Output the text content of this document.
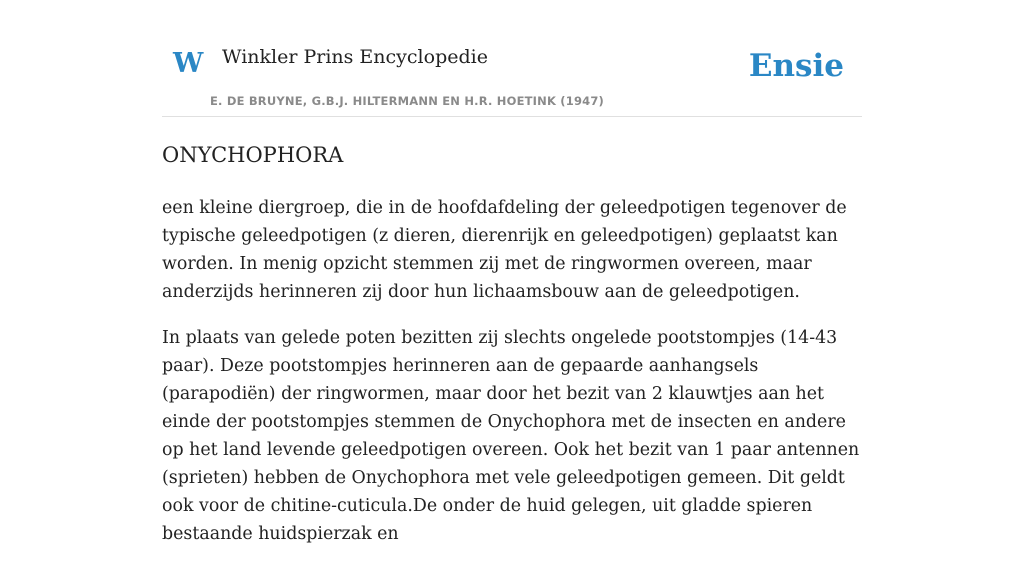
W Winkler Prins Encyclopedie
E. DE BRUYNE, G.B.J. HILTERMANN EN H.R. HOETINK (1947)
Ensie
ONYCHOPHORA

een kleine diergroep, die in de hoofdafdeling der geleedpotigen tegenover de typische geleedpotigen (z dieren, dierenrijk en geleedpotigen) geplaatst kan worden. In menig opzicht stemmen zij met de ringwormen overeen, maar anderzijds herinneren zij door hun lichaamsbouw aan de geleedpotigen.

In plaats van gelede poten bezitten zij slechts ongelede pootstompjes (14-43 paar). Deze pootstompjes herinneren aan de gepaarde aanhangsels (parapodiën) der ringwormen, maar door het bezit van 2 klauwtjes aan het einde der pootstompjes stemmen de Onychophora met de insecten en andere op het land levende geleedpotigen overeen. Ook het bezit van 1 paar antennen (sprieten) hebben de Onychophora met vele geleedpotigen gemeen. Dit geldt ook voor de chitine-cuticula.De onder de huid gelegen, uit gladde spieren bestaande huidspierzak en
